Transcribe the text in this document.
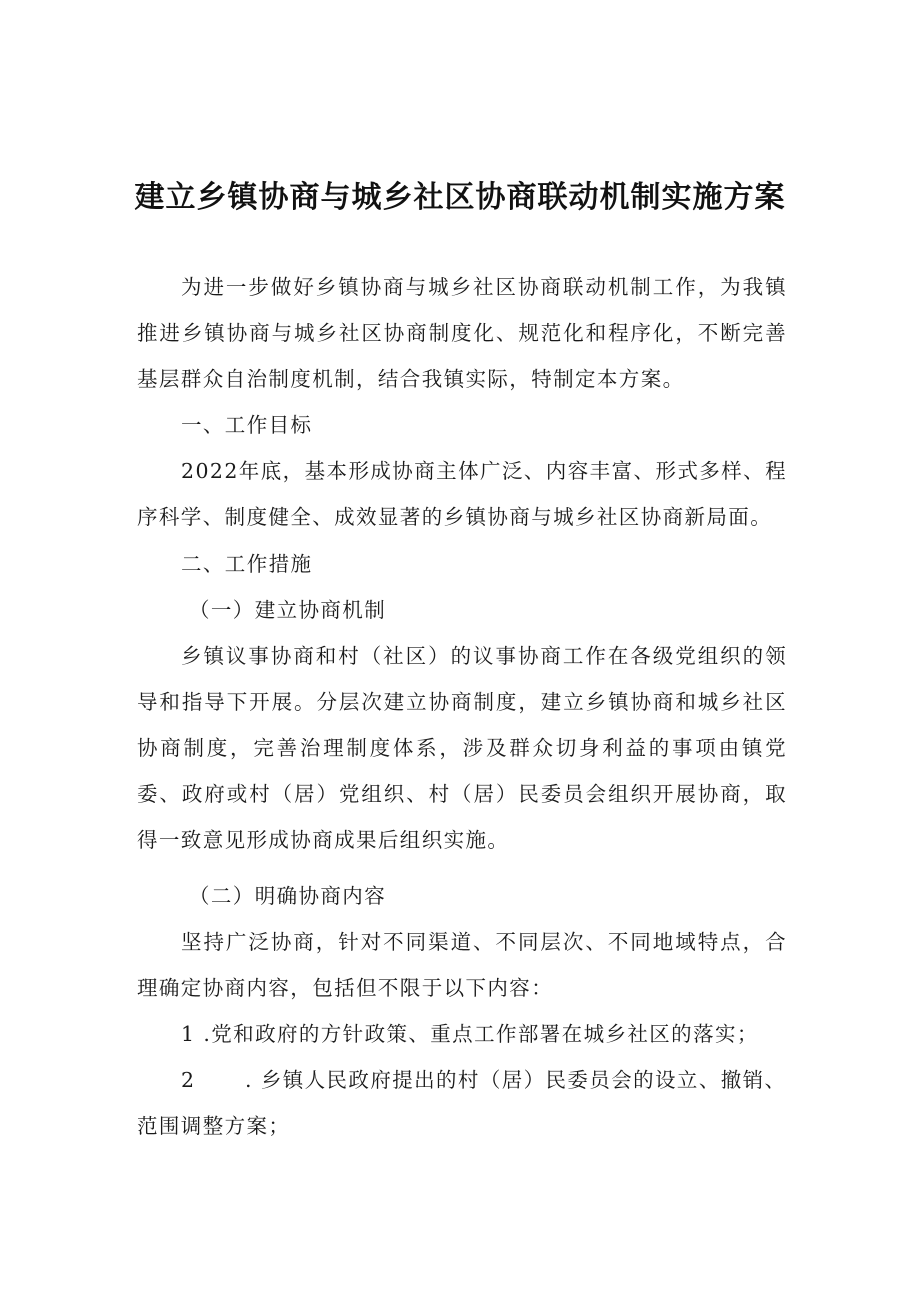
建立乡镇协商与城乡社区协商联动机制实施方案
为进一步做好乡镇协商与城乡社区协商联动机制工作，为我镇推进乡镇协商与城乡社区协商制度化、规范化和程序化，不断完善基层群众自治制度机制，结合我镇实际，特制定本方案。
一、工作目标
2022年底，基本形成协商主体广泛、内容丰富、形式多样、程序科学、制度健全、成效显著的乡镇协商与城乡社区协商新局面。
二、工作措施
（一）建立协商机制
乡镇议事协商和村（社区）的议事协商工作在各级党组织的领导和指导下开展。分层次建立协商制度，建立乡镇协商和城乡社区协商制度，完善治理制度体系，涉及群众切身利益的事项由镇党委、政府或村（居）党组织、村（居）民委员会组织开展协商，取得一致意见形成协商成果后组织实施。
（二）明确协商内容
坚持广泛协商，针对不同渠道、不同层次、不同地域特点，合理确定协商内容，包括但不限于以下内容：
1 .党和政府的方针政策、重点工作部署在城乡社区的落实；
2 . 乡镇人民政府提出的村（居）民委员会的设立、撤销、范围调整方案；
